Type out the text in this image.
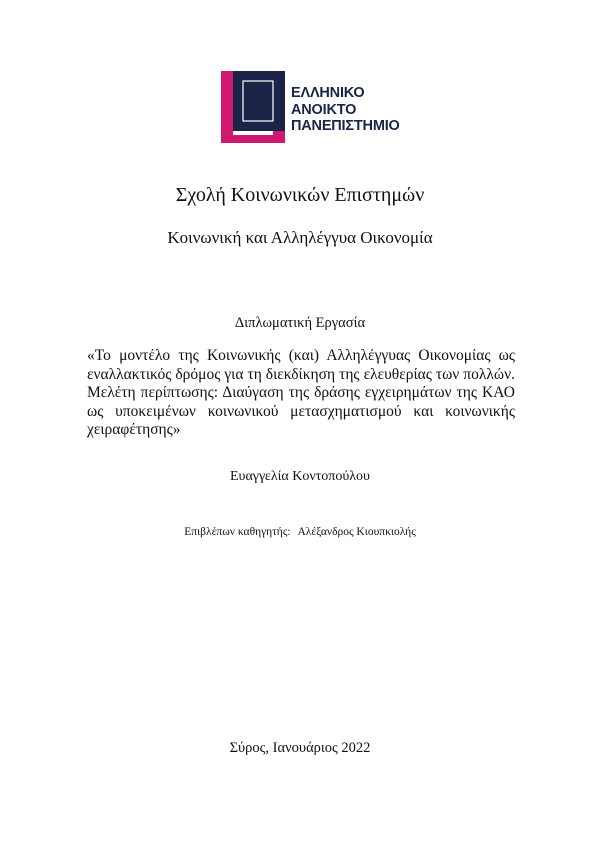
ΕΛΛΗΝΙΚΟ
ΑΝΟΙΚΤΟ
ΠΑΝΕΠΙΣΤΗΜΙΟ
Σχολή Κοινωνικών Επιστημών
Κοινωνική και Αλληλέγγυα Οικονομία
Διπλωματική Εργασία
«Το μοντέλο της Κοινωνικής (και) Αλληλέγγυας Οικονομίας ως εναλλακτικός δρόμος για τη διεκδίκηση της ελευθερίας των πολλών. Μελέτη περίπτωσης: Διαύγαση της δράσης εγχειρημάτων της ΚΑΟ ως υποκειμένων κοινωνικού μετασχηματισμού και κοινωνικής χειραφέτησης»
Ευαγγελία Κοντοπούλου
Επιβλέπων καθηγητής: Αλέξανδρος Κιουπκιολής
Σύρος, Ιανουάριος 2022
